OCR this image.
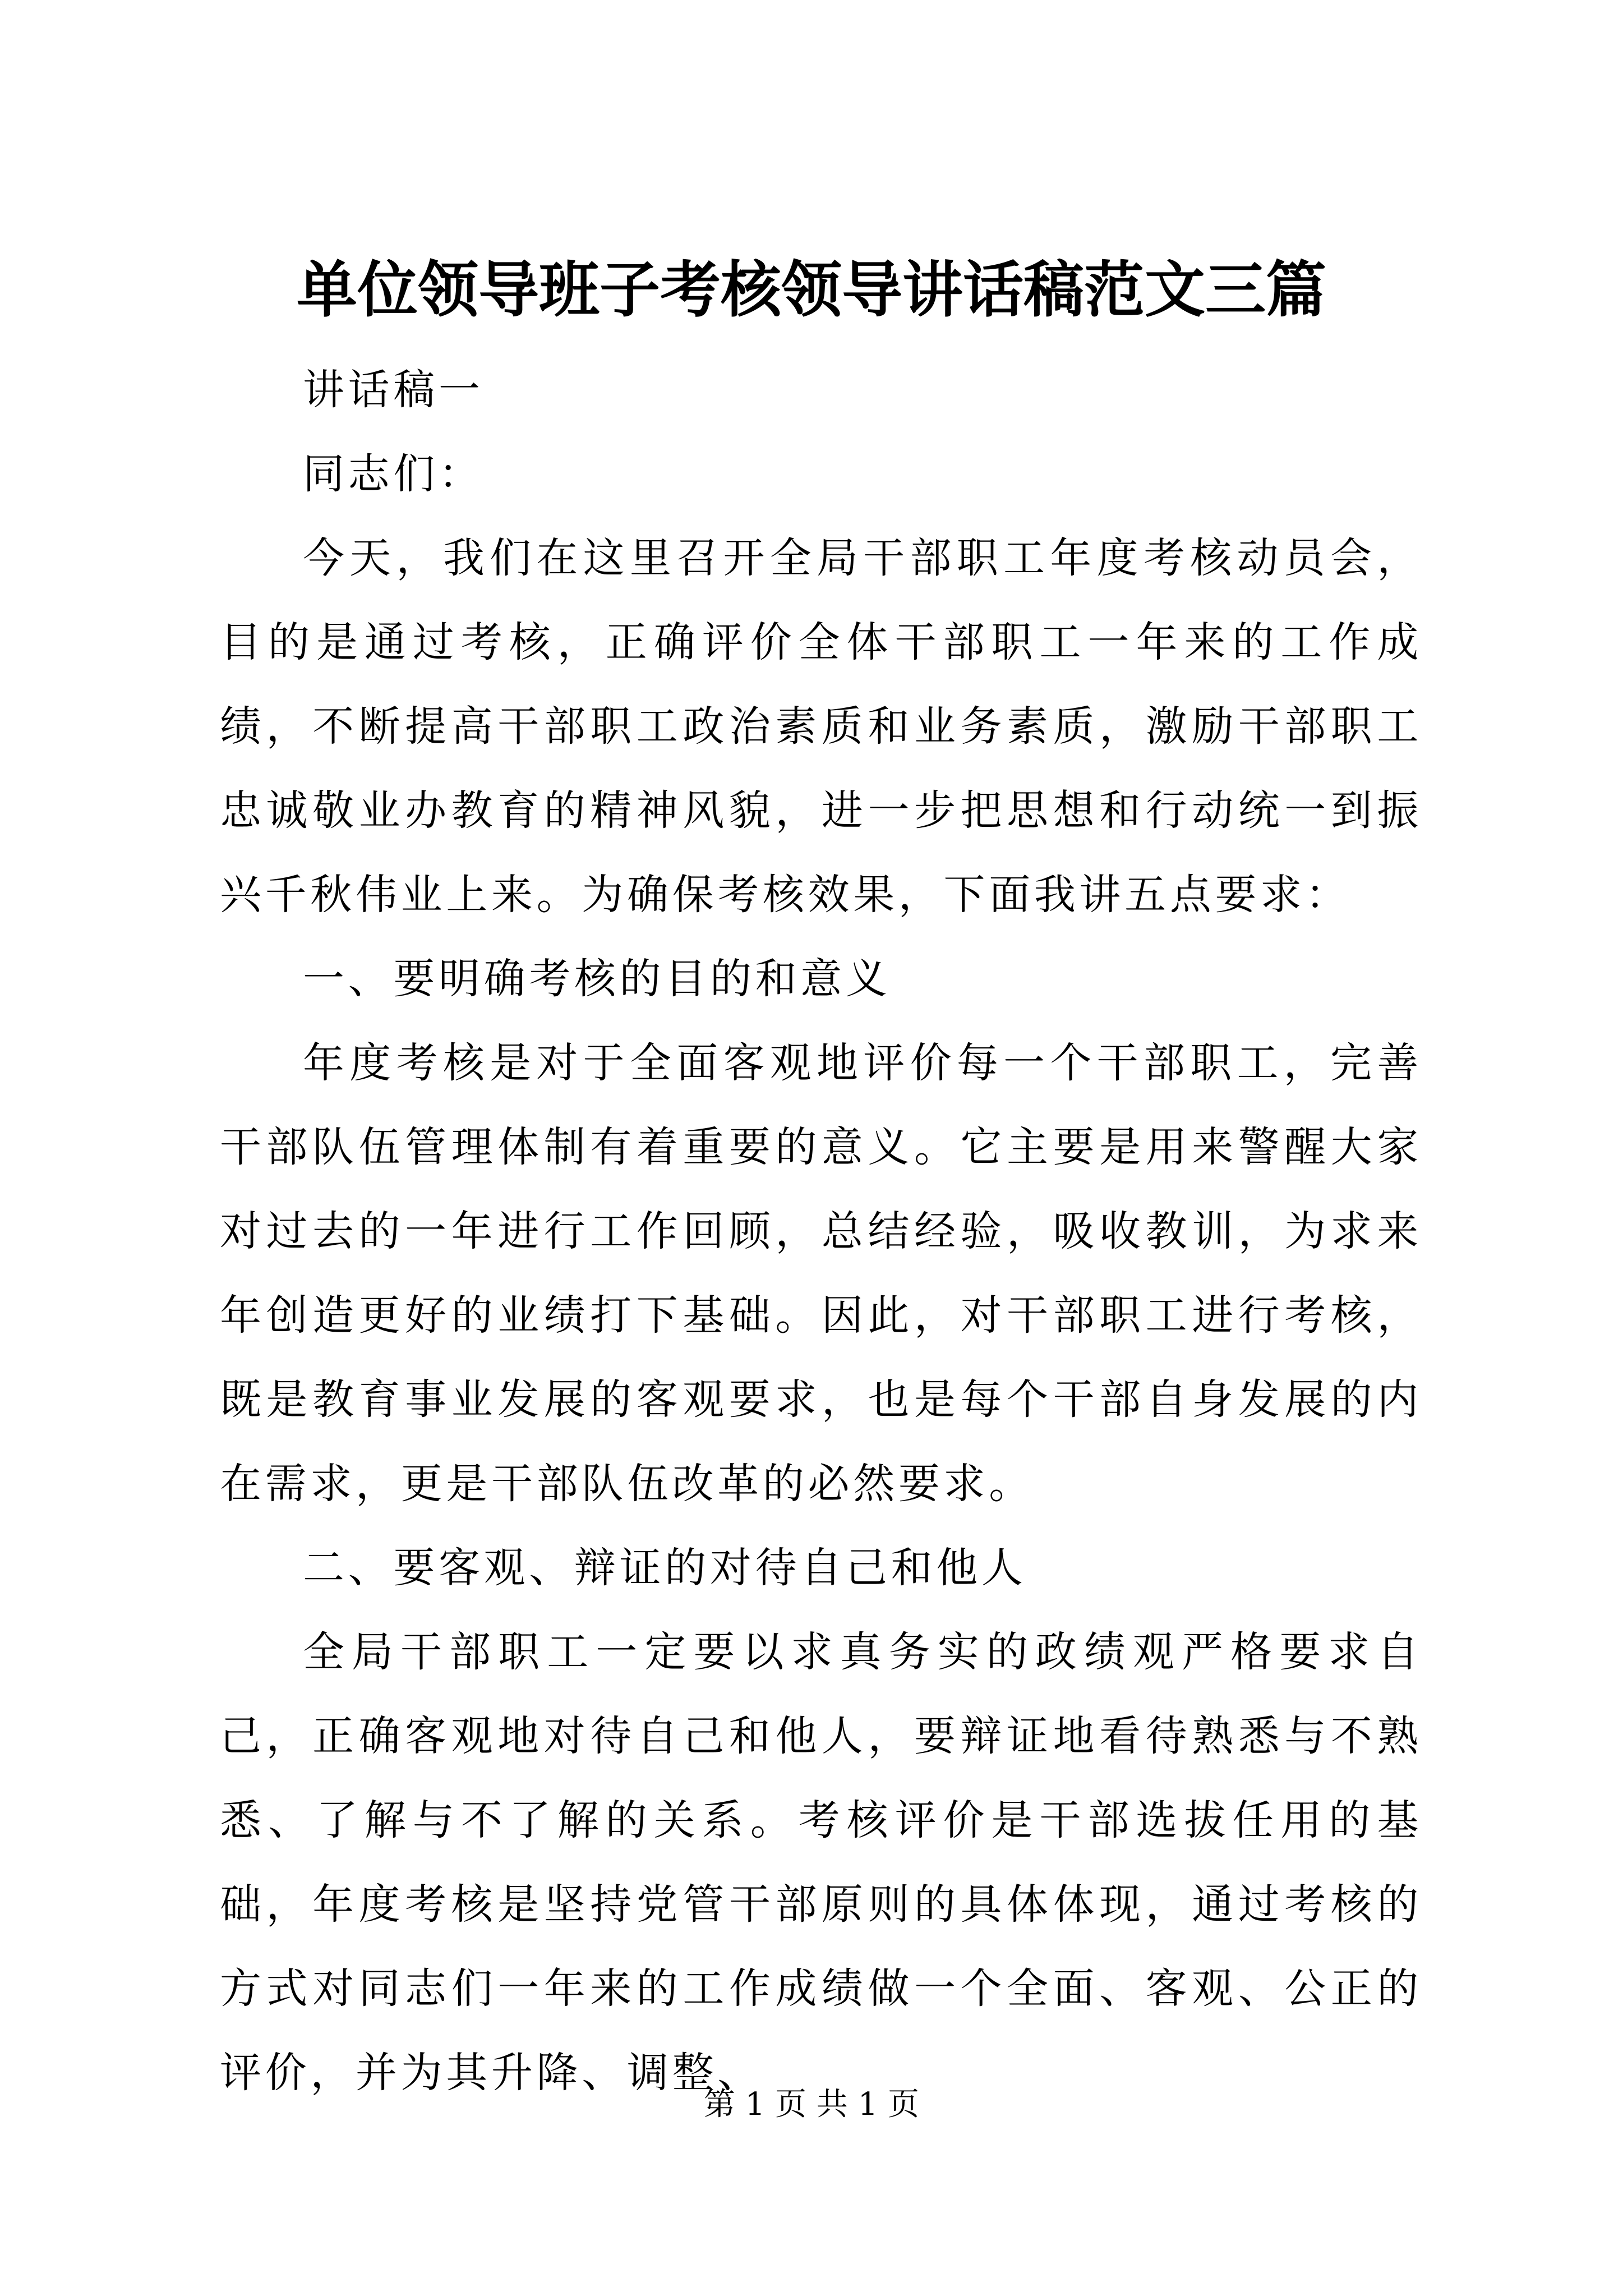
单位领导班子考核领导讲话稿范文三篇

讲话稿一

同志们：

今天，我们在这里召开全局干部职工年度考核动员会，目的是通过考核，正确评价全体干部职工一年来的工作成绩，不断提高干部职工政治素质和业务素质，激励干部职工忠诚敬业办教育的精神风貌，进一步把思想和行动统一到振兴千秋伟业上来。为确保考核效果，下面我讲五点要求：

一、要明确考核的目的和意义

年度考核是对于全面客观地评价每一个干部职工，完善干部队伍管理体制有着重要的意义。它主要是用来警醒大家对过去的一年进行工作回顾，总结经验，吸收教训，为求来年创造更好的业绩打下基础。因此，对干部职工进行考核，既是教育事业发展的客观要求，也是每个干部自身发展的内在需求，更是干部队伍改革的必然要求。

二、要客观、辩证的对待自己和他人

全局干部职工一定要以求真务实的政绩观严格要求自己，正确客观地对待自己和他人，要辩证地看待熟悉与不熟悉、了解与不了解的关系。考核评价是干部选拔任用的基础，年度考核是坚持党管干部原则的具体体现，通过考核的方式对同志们一年来的工作成绩做一个全面、客观、公正的评价，并为其升降、调整、

第 1 页 共 1 页
